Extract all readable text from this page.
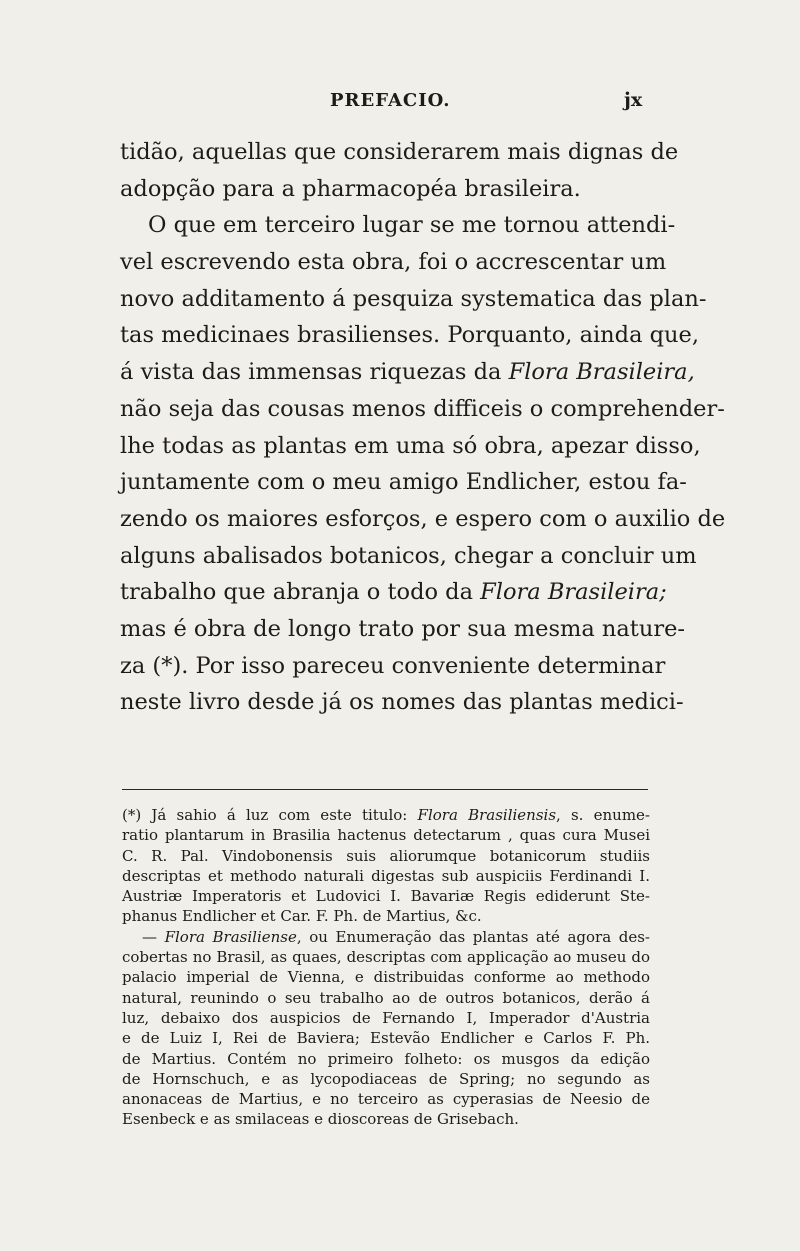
PREFACIO.	jx
tidão, aquellas que considerarem mais dignas de
adopção para a pharmacopéa brasileira.
O que em terceiro lugar se me tornou attendi-
vel escrevendo esta obra, foi o accrescentar um
novo additamento á pesquiza systematica das plan-
tas medicinaes brasilienses. Porquanto, ainda que,
á vista das immensas riquezas da Flora Brasileira,
não seja das cousas menos difficeis o comprehender-
lhe todas as plantas em uma só obra, apezar disso,
juntamente com o meu amigo Endlicher, estou fa-
zendo os maiores esforços, e espero com o auxilio de
alguns abalisados botanicos, chegar a concluir um
trabalho que abranja o todo da Flora Brasileira;
mas é obra de longo trato por sua mesma nature-
za (*). Por isso pareceu conveniente determinar
neste livro desde já os nomes das plantas medici-
(*) Já sahio á luz com este titulo: Flora Brasiliensis, s. enume-
ratio plantarum in Brasilia hactenus detectarum , quas cura Musei
C. R. Pal. Vindobonensis suis aliorumque botanicorum studiis
descriptas et methodo naturali digestas sub auspiciis Ferdinandi I.
Austriæ Imperatoris et Ludovici I. Bavariæ Regis ediderunt Ste-
phanus Endlicher et Car. F. Ph. de Martius, &c.
— Flora Brasiliense, ou Enumeração das plantas até agora des-
cobertas no Brasil, as quaes, descriptas com applicação ao museu do
palacio imperial de Vienna, e distribuidas conforme ao methodo
natural, reunindo o seu trabalho ao de outros botanicos, derão á
luz, debaixo dos auspicios de Fernando I, Imperador d'Austria
e de Luiz I, Rei de Baviera; Estevão Endlicher e Carlos F. Ph.
de Martius. Contém no primeiro folheto: os musgos da edição
de Hornschuch, e as lycopodiaceas de Spring; no segundo as
anonaceas de Martius, e no terceiro as cyperasias de Neesio de
Esenbeck e as smilaceas e dioscoreas de Grisebach.
